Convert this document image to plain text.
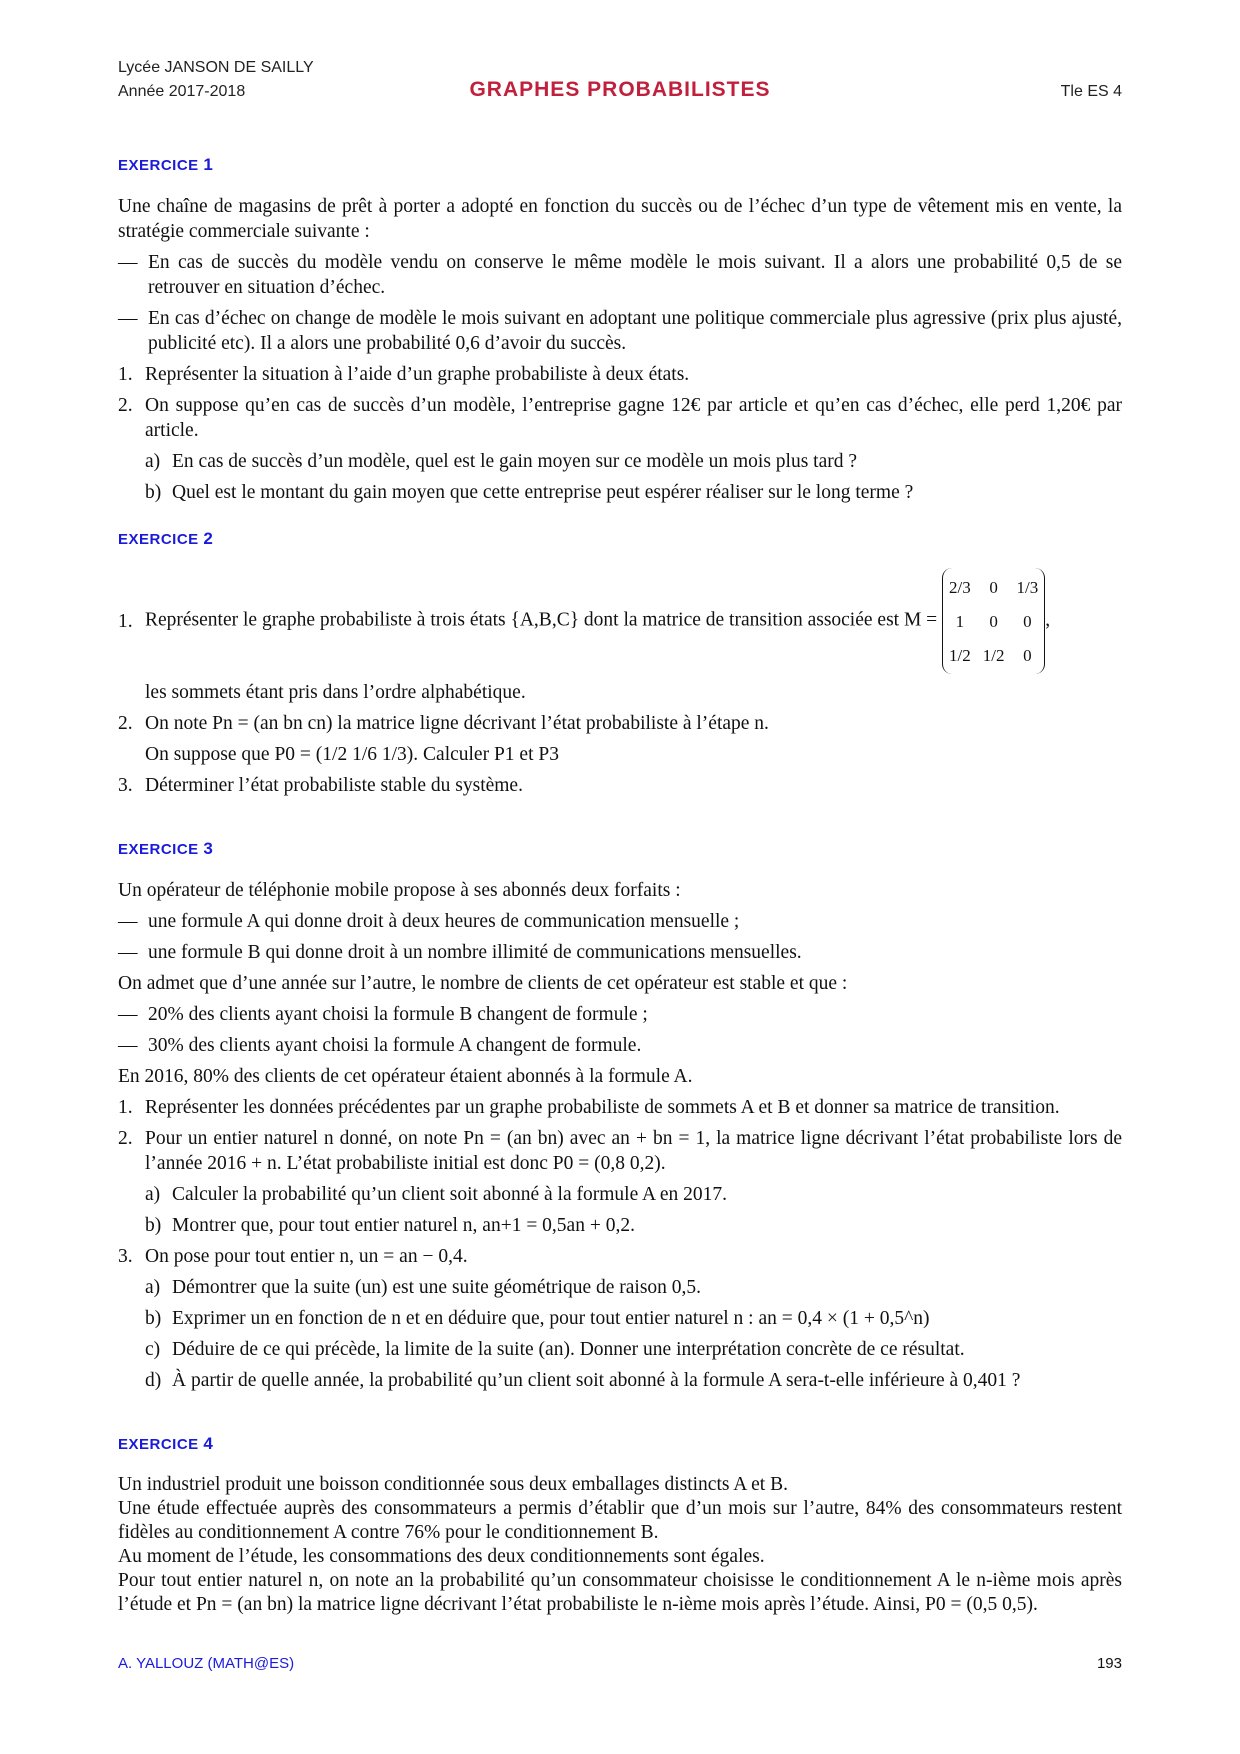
Lycée JANSON DE SAILLY
Année 2017-2018	GRAPHES PROBABILISTES	Tle ES 4
EXERCICE 1

Une chaîne de magasins de prêt à porter a adopté en fonction du succès ou de l’échec d’un type de vêtement mis en vente, la stratégie commerciale suivante :

— En cas de succès du modèle vendu on conserve le même modèle le mois suivant. Il a alors une probabilité 0,5 de se retrouver en situation d’échec.
— En cas d’échec on change de modèle le mois suivant en adoptant une politique commerciale plus agressive (prix plus ajusté, publicité etc). Il a alors une probabilité 0,6 d’avoir du succès.
1. Représenter la situation à l’aide d’un graphe probabiliste à deux états.
2. On suppose qu’en cas de succès d’un modèle, l’entreprise gagne 12€ par article et qu’en cas d’échec, elle perd 1,20€ par article.
a) En cas de succès d’un modèle, quel est le gain moyen sur ce modèle un mois plus tard ?
b) Quel est le montant du gain moyen que cette entreprise peut espérer réaliser sur le long terme ?
EXERCICE 2
1. Représenter le graphe probabiliste à trois états {A,B,C} dont la matrice de transition associée est M =
2/3	0	1/3
1	0	0
1/2 1/2	0
,
les sommets étant pris dans l’ordre alphabétique.
2. On note Pn = (an bn cn) la matrice ligne décrivant l’état probabiliste à l’étape n.
On suppose que P0 = (1/2 1/6 1/3). Calculer P1 et P3
3. Déterminer l’état probabiliste stable du système.
EXERCICE 3

Un opérateur de téléphonie mobile propose à ses abonnés deux forfaits :

— une formule A qui donne droit à deux heures de communication mensuelle ;
— une formule B qui donne droit à un nombre illimité de communications mensuelles.

On admet que d’une année sur l’autre, le nombre de clients de cet opérateur est stable et que :

— 20% des clients ayant choisi la formule B changent de formule ;
— 30% des clients ayant choisi la formule A changent de formule.

En 2016, 80% des clients de cet opérateur étaient abonnés à la formule A.

1. Représenter les données précédentes par un graphe probabiliste de sommets A et B et donner sa matrice de transition.
2. Pour un entier naturel n donné, on note Pn = (an bn) avec an + bn = 1, la matrice ligne décrivant l’état probabiliste lors de l’année 2016 + n. L’état probabiliste initial est donc P0 = (0,8 0,2).
a) Calculer la probabilité qu’un client soit abonné à la formule A en 2017.
b) Montrer que, pour tout entier naturel n, an+1 = 0,5an + 0,2.
3. On pose pour tout entier n, un = an − 0,4.
a) Démontrer que la suite (un) est une suite géométrique de raison 0,5.
b) Exprimer un en fonction de n et en déduire que, pour tout entier naturel n : an = 0,4 × (1 + 0,5^n)
c) Déduire de ce qui précède, la limite de la suite (an). Donner une interprétation concrète de ce résultat.
d) À partir de quelle année, la probabilité qu’un client soit abonné à la formule A sera-t-elle inférieure à 0,401 ?
EXERCICE 4

Un industriel produit une boisson conditionnée sous deux emballages distincts A et B.

Une étude effectuée auprès des consommateurs a permis d’établir que d’un mois sur l’autre, 84% des consommateurs restent fidèles au conditionnement A contre 76% pour le conditionnement B.

Au moment de l’étude, les consommations des deux conditionnements sont égales.

Pour tout entier naturel n, on note an la probabilité qu’un consommateur choisisse le conditionnement A le n-ième mois après l’étude et Pn = (an bn) la matrice ligne décrivant l’état probabiliste le n-ième mois après l’étude. Ainsi, P0 = (0,5 0,5).

A. YALLOUZ (MATH@ES)	193
